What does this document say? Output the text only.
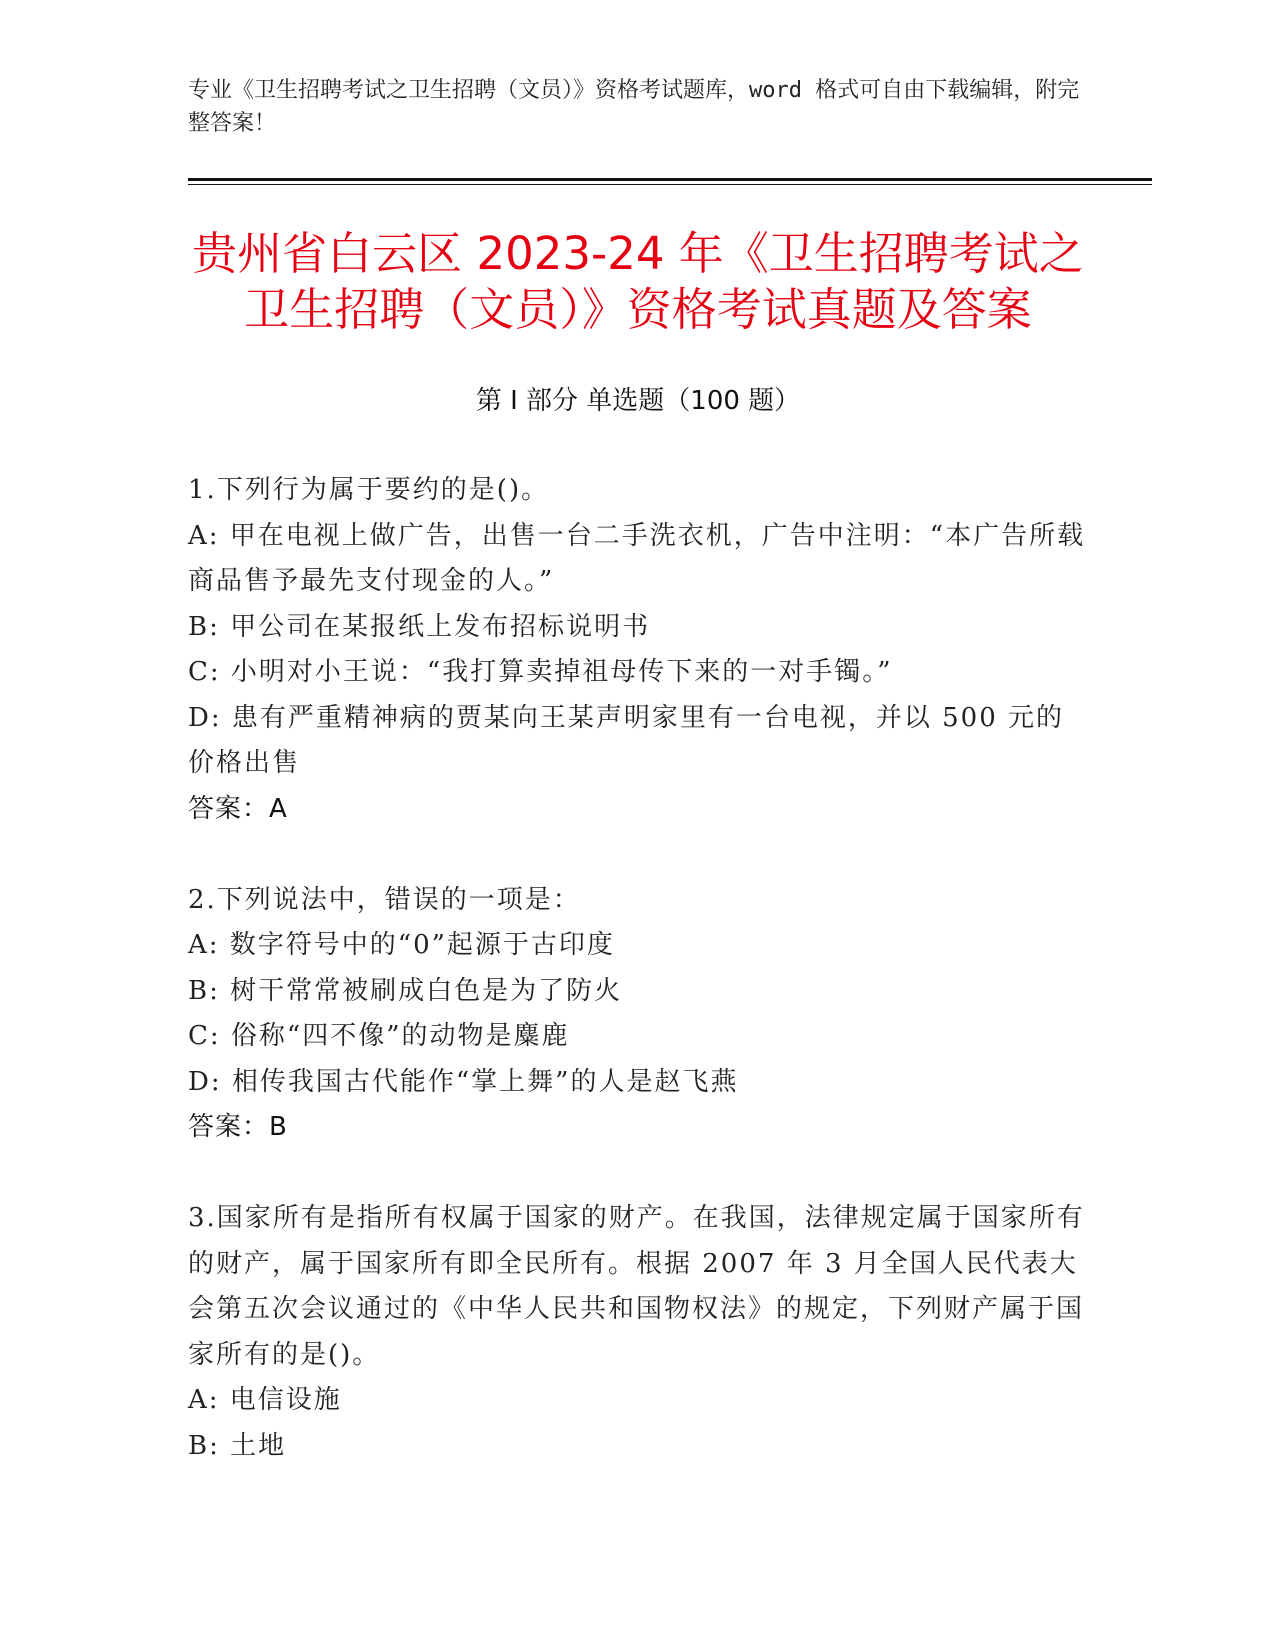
专业《卫生招聘考试之卫生招聘（文员）》资格考试题库，word 格式可自由下载编辑，附完整答案！
贵州省白云区 2023-24 年《卫生招聘考试之
卫生招聘（文员）》资格考试真题及答案
第 I 部分 单选题（100 题）

1.下列行为属于要约的是()。

A: 甲在电视上做广告，出售一台二手洗衣机，广告中注明：“本广告所载商品售予最先支付现金的人。”

B: 甲公司在某报纸上发布招标说明书

C: 小明对小王说：“我打算卖掉祖母传下来的一对手镯。”

D: 患有严重精神病的贾某向王某声明家里有一台电视，并以 500 元的价格出售

答案：A

2.下列说法中，错误的一项是：

A: 数字符号中的“0”起源于古印度

B: 树干常常被刷成白色是为了防火

C: 俗称“四不像”的动物是麋鹿

D: 相传我国古代能作“掌上舞”的人是赵飞燕

答案：B

3.国家所有是指所有权属于国家的财产。在我国，法律规定属于国家所有的财产，属于国家所有即全民所有。根据 2007 年 3 月全国人民代表大会第五次会议通过的《中华人民共和国物权法》的规定，下列财产属于国家所有的是()。

A: 电信设施

B: 土地
